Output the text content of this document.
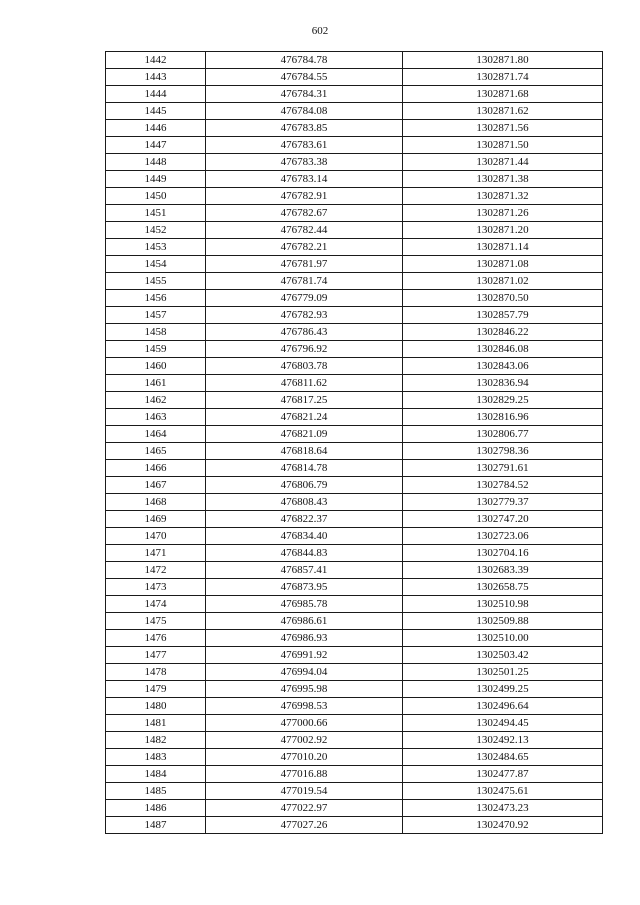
602
1442	476784.78	1302871.80
1443	476784.55	1302871.74
1444	476784.31	1302871.68
1445	476784.08	1302871.62
1446	476783.85	1302871.56
1447	476783.61	1302871.50
1448	476783.38	1302871.44
1449	476783.14	1302871.38
1450	476782.91	1302871.32
1451	476782.67	1302871.26
1452	476782.44	1302871.20
1453	476782.21	1302871.14
1454	476781.97	1302871.08
1455	476781.74	1302871.02
1456	476779.09	1302870.50
1457	476782.93	1302857.79
1458	476786.43	1302846.22
1459	476796.92	1302846.08
1460	476803.78	1302843.06
1461	476811.62	1302836.94
1462	476817.25	1302829.25
1463	476821.24	1302816.96
1464	476821.09	1302806.77
1465	476818.64	1302798.36
1466	476814.78	1302791.61
1467	476806.79	1302784.52
1468	476808.43	1302779.37
1469	476822.37	1302747.20
1470	476834.40	1302723.06
1471	476844.83	1302704.16
1472	476857.41	1302683.39
1473	476873.95	1302658.75
1474	476985.78	1302510.98
1475	476986.61	1302509.88
1476	476986.93	1302510.00
1477	476991.92	1302503.42
1478	476994.04	1302501.25
1479	476995.98	1302499.25
1480	476998.53	1302496.64
1481	477000.66	1302494.45
1482	477002.92	1302492.13
1483	477010.20	1302484.65
1484	477016.88	1302477.87
1485	477019.54	1302475.61
1486	477022.97	1302473.23
1487	477027.26	1302470.92
